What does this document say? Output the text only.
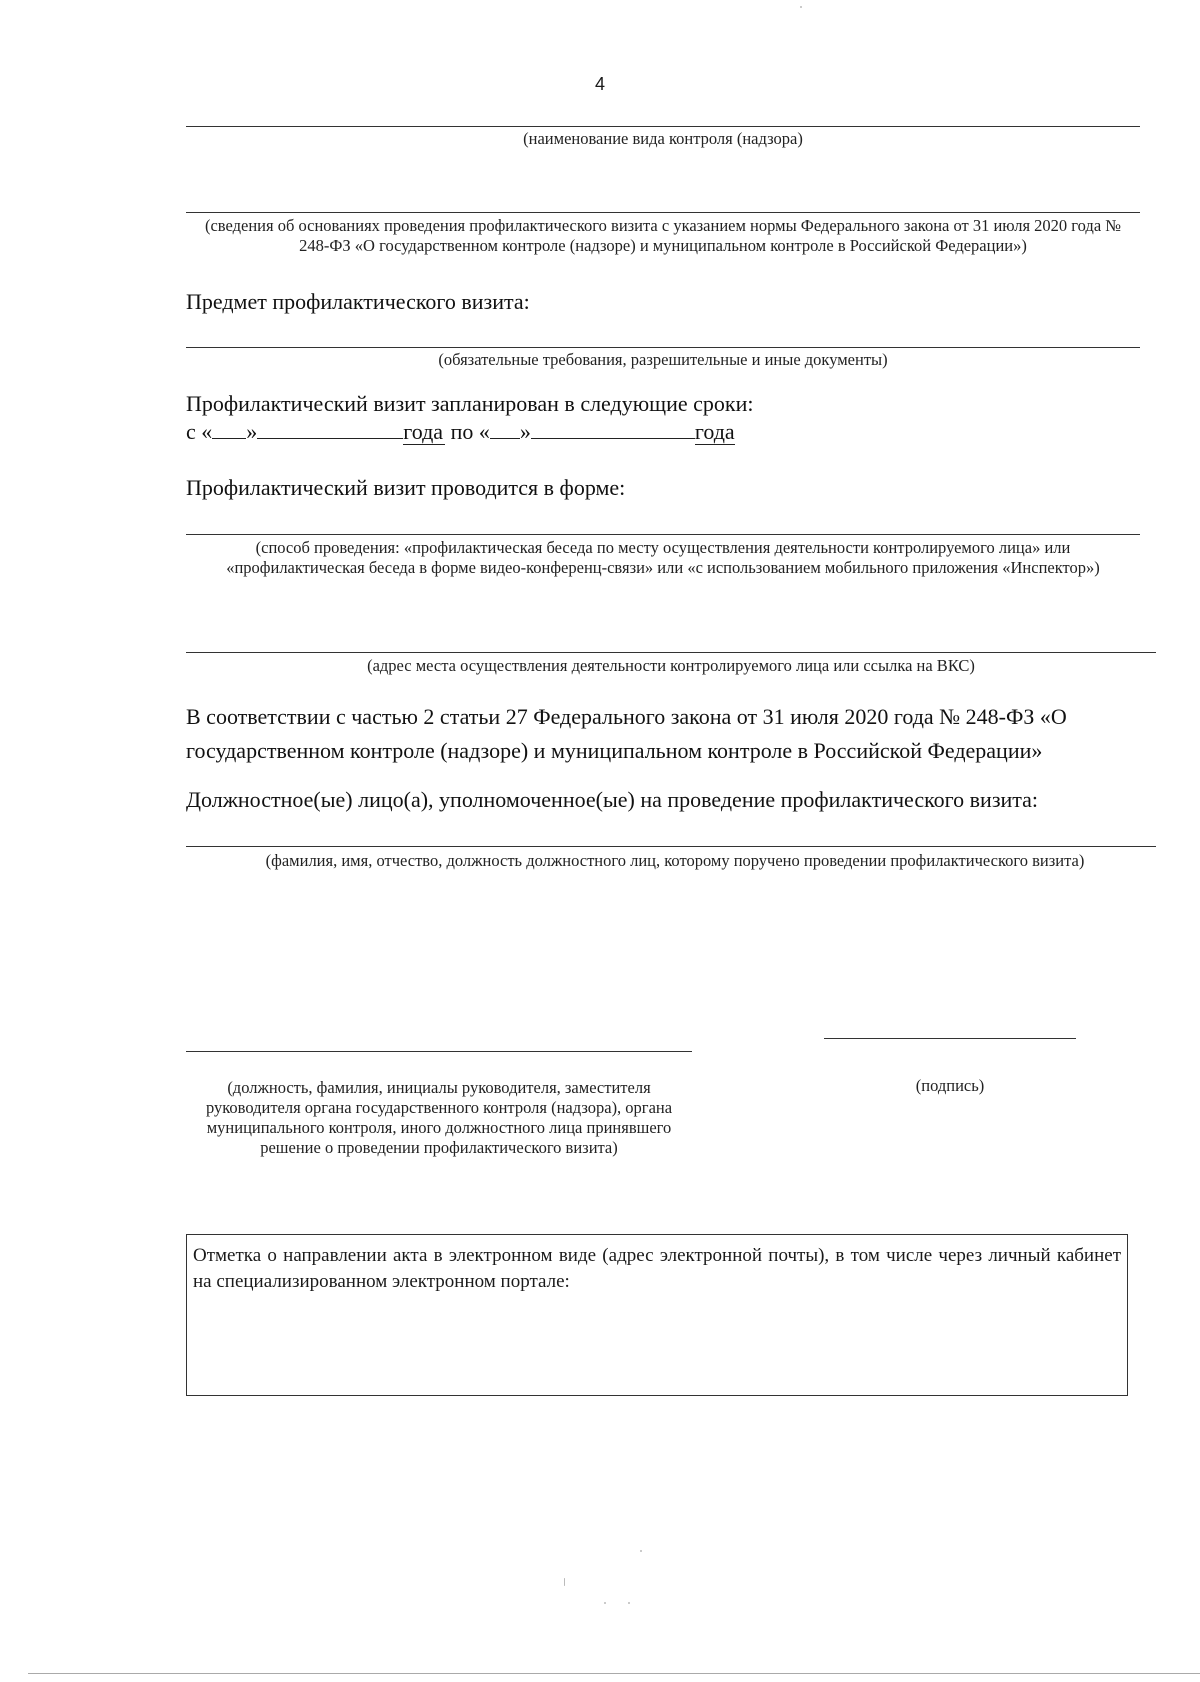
4
(наименование вида контроля (надзора)
(сведения об основаниях проведения профилактического визита с указанием нормы Федерального закона от 31 июля 2020 года № 248-ФЗ «О государственном контроле (надзоре) и муниципальном контроле в Российской Федерации»)
Предмет профилактического визита:
(обязательные требования, разрешительные и иные документы)
Профилактический визит запланирован в следующие сроки:
с « »	года по « »	года
Профилактический визит проводится в форме:
(способ проведения: «профилактическая беседа по месту осуществления деятельности контролируемого лица» или «профилактическая беседа в форме видео-конференц-связи» или «с использованием мобильного приложения «Инспектор»)
(адрес места осуществления деятельности контролируемого лица или ссылка на ВКС)
В соответствии с частью 2 статьи 27 Федерального закона от 31 июля 2020 года № 248-ФЗ «О государственном контроле (надзоре) и муниципальном контроле в Российской Федерации»
Должностное(ые) лицо(а), уполномоченное(ые) на проведение профилактического визита:
(фамилия, имя, отчество, должность должностного лиц, которому поручено проведении профилактического визита)
(должность, фамилия, инициалы руководителя, заместителя руководителя органа государственного контроля (надзора), органа муниципального контроля, иного должностного лица принявшего решение о проведении профилактического визита)
(подпись)
Отметка о направлении акта в электронном виде (адрес электронной почты), в том числе через личный кабинет на специализированном электронном портале:
